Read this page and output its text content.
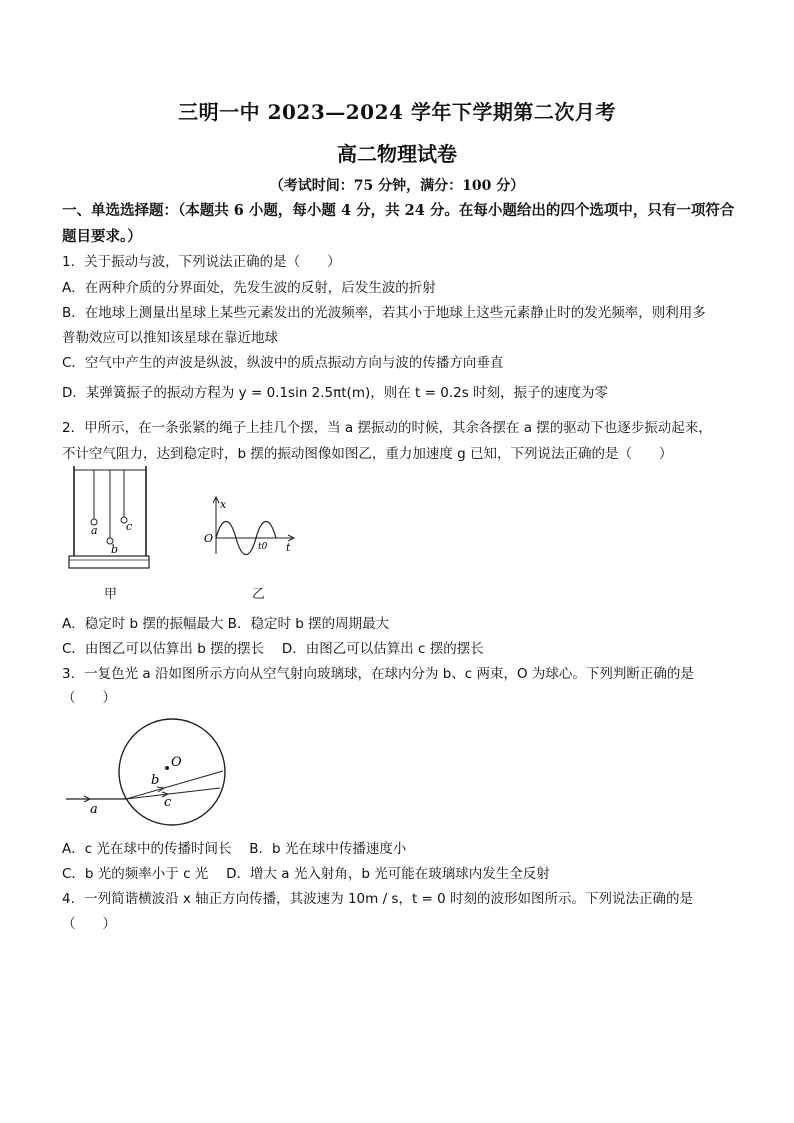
三明一中 2023—2024 学年下学期第二次月考
高二物理试卷
（考试时间：75 分钟，满分：100 分）
一、单选选择题：（本题共 6 小题，每小题 4 分，共 24 分。在每小题给出的四个选项中，只有一项符合题目要求。）
1．关于振动与波，下列说法正确的是（　　）
A．在两种介质的分界面处，先发生波的反射，后发生波的折射
B．在地球上测量出星球上某些元素发出的光波频率，若其小于地球上这些元素静止时的发光频率，则利用多
普勒效应可以推知该星球在靠近地球
C．空气中产生的声波是纵波，纵波中的质点振动方向与波的传播方向垂直
D．某弹簧振子的振动方程为 y = 0.1sin 2.5πt(m)，则在 t = 0.2s 时刻，振子的速度为零
2．甲所示，在一条张紧的绳子上挂几个摆，当 a 摆振动的时候，其余各摆在 a 摆的驱动下也逐步振动起来，
不计空气阻力，达到稳定时，b 摆的振动图像如图乙，重力加速度 g 已知，下列说法正确的是（　　）
a
b
c
甲
x
O
t0 t
乙
A．稳定时 b 摆的振幅最大 B．稳定时 b 摆的周期最大
C．由图乙可以估算出 b 摆的摆长　 D．由图乙可以估算出 c 摆的摆长
3．一复色光 a 沿如图所示方向从空气射向玻璃球，在球内分为 b、c 两束，O 为球心。下列判断正确的是
（　　）
O
b
c
a
A．c 光在球中的传播时间长　 B．b 光在球中传播速度小
C．b 光的频率小于 c 光　 D．增大 a 光入射角，b 光可能在玻璃球内发生全反射
4．一列简谐横波沿 x 轴正方向传播，其波速为 10m / s，t = 0 时刻的波形如图所示。下列说法正确的是
（　　）
